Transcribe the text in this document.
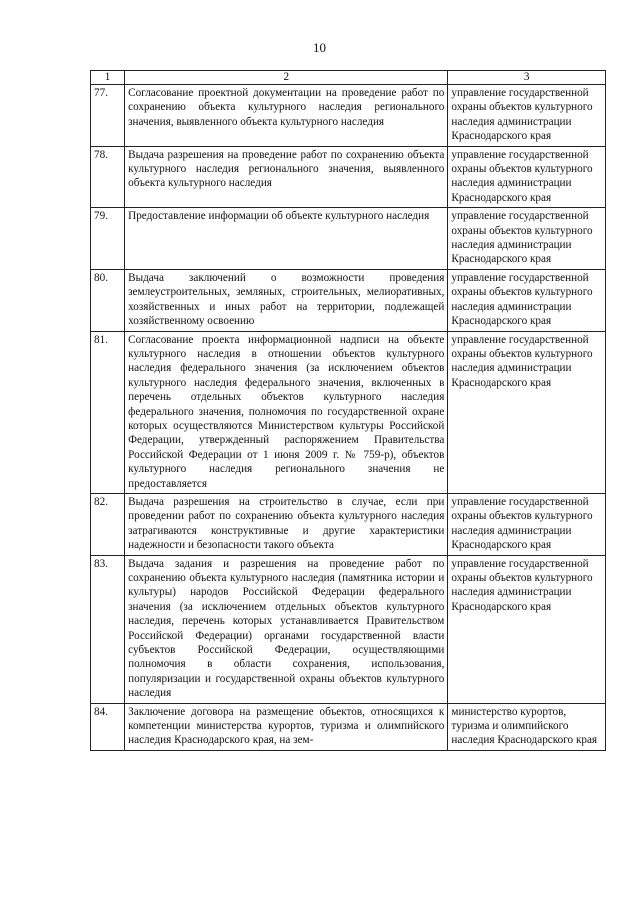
10
1	2	3
77.	Согласование проектной документации на проведение работ по сохранению объекта культурного наследия регионального значения, выявленного объекта культурного наследия	управление государственной охраны объектов культурного наследия администрации Краснодарского края
78.	Выдача разрешения на проведение работ по сохранению объекта культурного наследия регионального значения, выявленного объекта культурного наследия	управление государственной охраны объектов культурного наследия администрации Краснодарского края
79.	Предоставление информации об объекте культурного наследия	управление государственной охраны объектов культурного наследия администрации Краснодарского края
80.	Выдача заключений о возможности проведения землеустроительных, земляных, строительных, мелиоративных, хозяйственных и иных работ на территории, подлежащей хозяйственному освоению	управление государственной охраны объектов культурного наследия администрации Краснодарского края
81.	Согласование проекта информационной надписи на объекте культурного наследия в отношении объектов культурного наследия федерального значения (за исключением объектов культурного наследия федерального значения, включенных в перечень отдельных объектов культурного наследия федерального значения, полномочия по государственной охране которых осуществляются Министерством культуры Российской Федерации, утвержденный распоряжением Правительства Российской Федерации от 1 июня 2009 г. № 759-р), объектов культурного наследия регионального значения не предоставляется	управление государственной охраны объектов культурного наследия администрации Краснодарского края
82.	Выдача разрешения на строительство в случае, если при проведении работ по сохранению объекта культурного наследия затрагиваются конструктивные и другие характеристики надежности и безопасности такого объекта	управление государственной охраны объектов культурного наследия администрации Краснодарского края
83.	Выдача задания и разрешения на проведение работ по сохранению объекта культурного наследия (памятника истории и культуры) народов Российской Федерации федерального значения (за исключением отдельных объектов культурного наследия, перечень которых устанавливается Правительством Российской Федерации) органами государственной власти субъектов Российской Федерации, осуществляющими полномочия в области сохранения, использования, популяризации и государственной охраны объектов культурного наследия	управление государственной охраны объектов культурного наследия администрации Краснодарского края
84.	Заключение договора на размещение объектов, относящихся к компетенции министерства курортов, туризма и олимпийского наследия Краснодарского края, на зем-	министерство курортов, туризма и олимпийского наследия Краснодарского края
